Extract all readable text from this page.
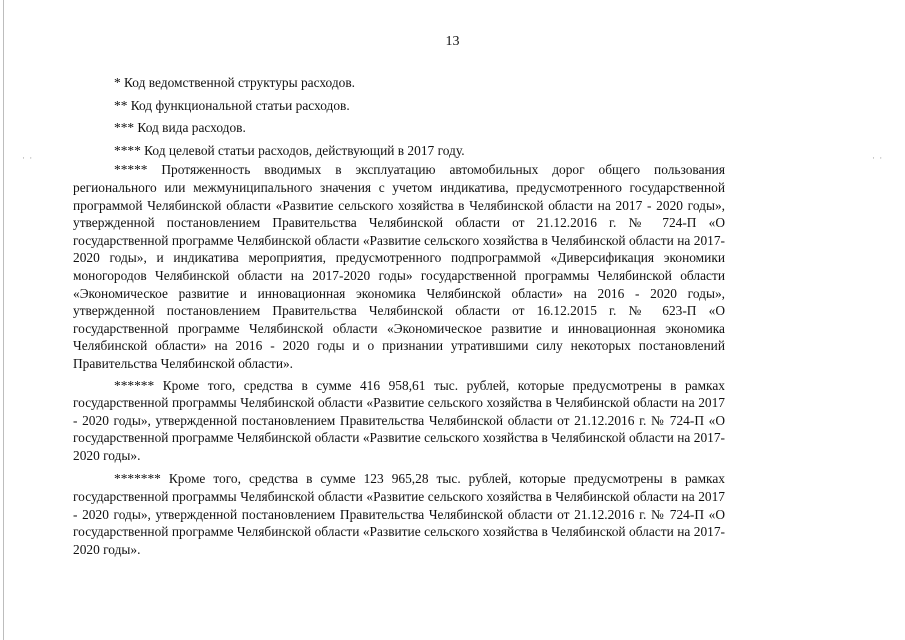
· ·	· ·
13

* Код ведомственной структуры расходов.

** Код функциональной статьи расходов.

*** Код вида расходов.

**** Код целевой статьи расходов, действующий в 2017 году.

***** Протяженность вводимых в эксплуатацию автомобильных дорог общего пользования регионального или межмуниципального значения с учетом индикатива, предусмотренного государственной программой Челябинской области «Развитие сельского хозяйства в Челябинской области на 2017 - 2020 годы», утвержденной постановлением Правительства Челябинской области от 21.12.2016 г. № 724-П «О государственной программе Челябинской области «Развитие сельского хозяйства в Челябинской области на 2017-2020 годы», и индикатива мероприятия, предусмотренного подпрограммой «Диверсификация экономики моногородов Челябинской области на 2017-2020 годы» государственной программы Челябинской области «Экономическое развитие и инновационная экономика Челябинской области» на 2016 - 2020 годы», утвержденной постановлением Правительства Челябинской области от 16.12.2015 г. № 623-П «О государственной программе Челябинской области «Экономическое развитие и инновационная экономика Челябинской области» на 2016 - 2020 годы и о признании утратившими силу некоторых постановлений Правительства Челябинской области».

****** Кроме того, средства в сумме 416 958,61 тыс. рублей, которые предусмотрены в рамках государственной программы Челябинской области «Развитие сельского хозяйства в Челябинской области на 2017 - 2020 годы», утвержденной постановлением Правительства Челябинской области от 21.12.2016 г. № 724-П «О государственной программе Челябинской области «Развитие сельского хозяйства в Челябинской области на 2017-2020 годы».

******* Кроме того, средства в сумме 123 965,28 тыс. рублей, которые предусмотрены в рамках государственной программы Челябинской области «Развитие сельского хозяйства в Челябинской области на 2017 - 2020 годы», утвержденной постановлением Правительства Челябинской области от 21.12.2016 г. № 724-П «О государственной программе Челябинской области «Развитие сельского хозяйства в Челябинской области на 2017-2020 годы».
